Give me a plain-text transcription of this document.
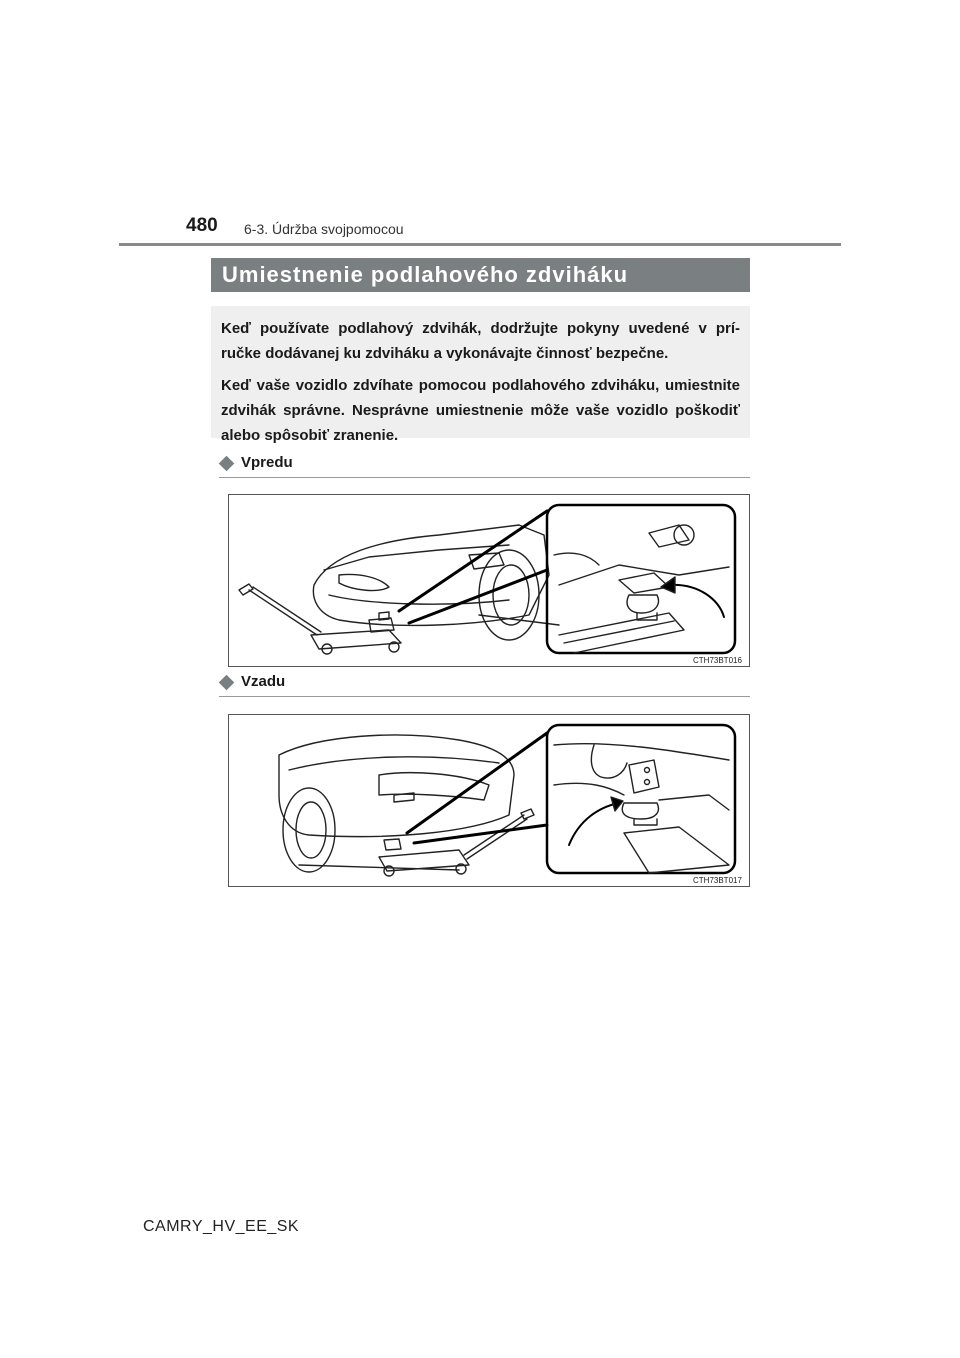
480 6-3. Údržba svojpomocou
Umiestnenie podlahového zdviháku

Keď používate podlahový zdvihák, dodržujte pokyny uvedené v prí-ručke dodávanej ku zdviháku a vykonávajte činnosť bezpečne.

Keď vaše vozidlo zdvíhate pomocou podlahového zdviháku, umiestnite zdvihák správne. Nesprávne umiestnenie môže vaše vozidlo poškodiť alebo spôsobiť zranenie.

Vpredu
CTH73BT016
Vzadu
CTH73BT017
CAMRY_HV_EE_SK
